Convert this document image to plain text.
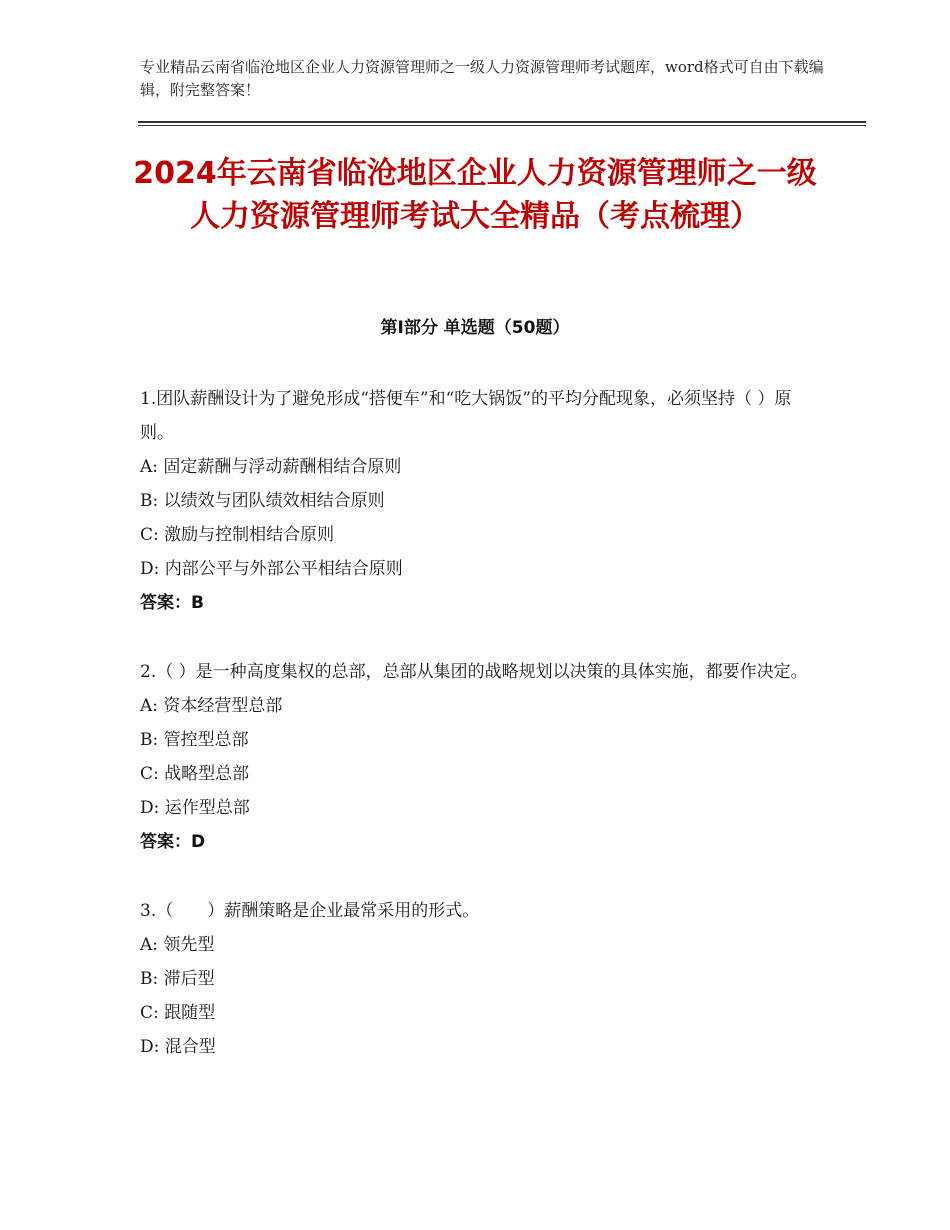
专业精品云南省临沧地区企业人力资源管理师之一级人力资源管理师考试题库，word格式可自由下载编辑，附完整答案！
2024年云南省临沧地区企业人力资源管理师之一级人力资源管理师考试大全精品（考点梳理）
第Ⅰ部分 单选题（50题）

1.团队薪酬设计为了避免形成“搭便车”和“吃大锅饭”的平均分配现象，必须坚持（ ）原则。

A: 固定薪酬与浮动薪酬相结合原则
B: 以绩效与团队绩效相结合原则
C: 激励与控制相结合原则
D: 内部公平与外部公平相结合原则
答案：B

2.（ ）是一种高度集权的总部，总部从集团的战略规划以决策的具体实施，都要作决定。

A: 资本经营型总部
B: 管控型总部
C: 战略型总部
D: 运作型总部
答案：D

3.（　　）薪酬策略是企业最常采用的形式。

A: 领先型
B: 滞后型
C: 跟随型
D: 混合型
